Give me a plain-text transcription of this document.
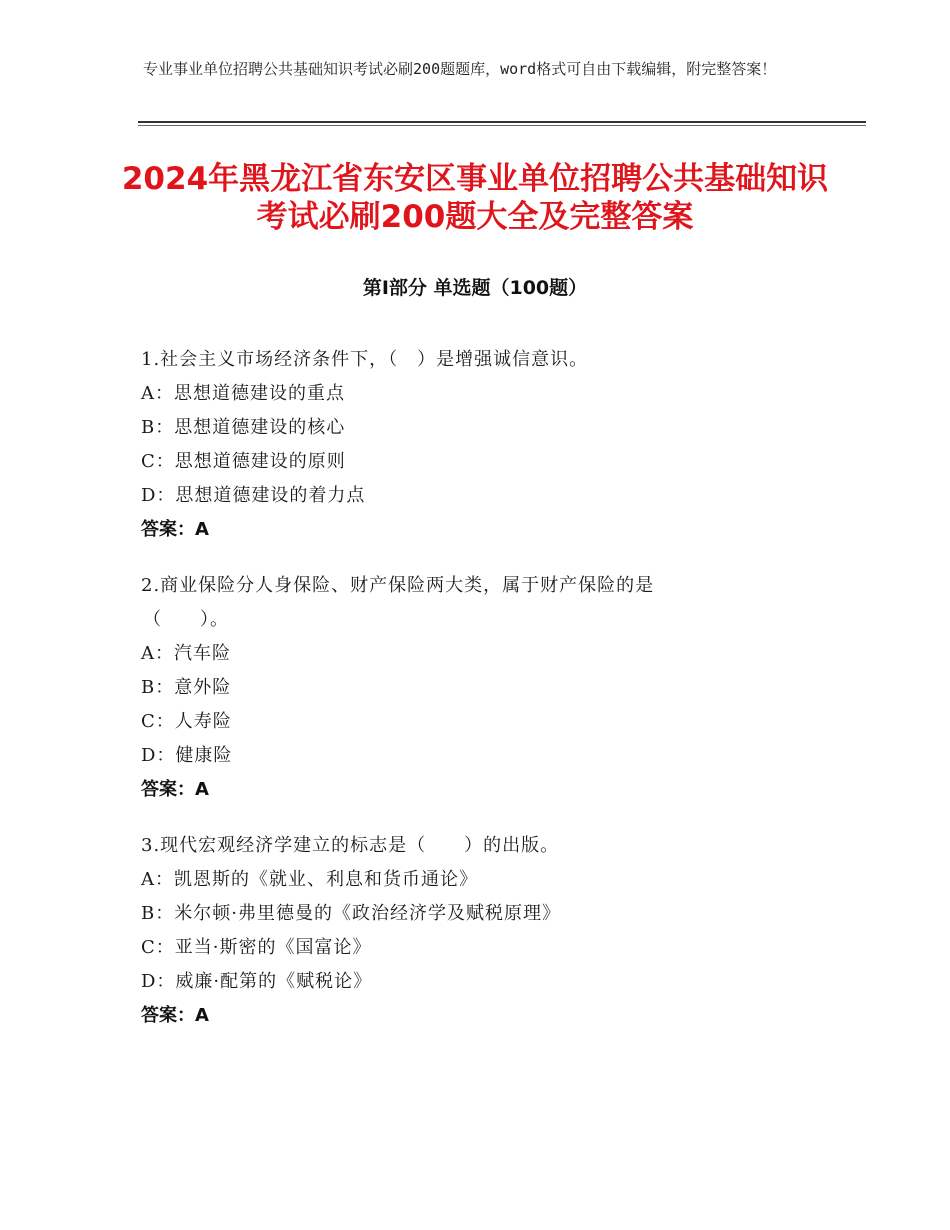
专业事业单位招聘公共基础知识考试必刷200题题库，word格式可自由下载编辑，附完整答案！
2024年黑龙江省东安区事业单位招聘公共基础知识考试必刷200题大全及完整答案
第Ⅰ部分 单选题（100题）
1.社会主义市场经济条件下，（　）是增强诚信意识。
A：思想道德建设的重点
B：思想道德建设的核心
C：思想道德建设的原则
D：思想道德建设的着力点
答案：A
2.商业保险分人身保险、财产保险两大类，属于财产保险的是
（　　）。
A：汽车险
B：意外险
C：人寿险
D：健康险
答案：A
3.现代宏观经济学建立的标志是（　　）的出版。
A：凯恩斯的《就业、利息和货币通论》
B：米尔顿·弗里德曼的《政治经济学及赋税原理》
C：亚当·斯密的《国富论》
D：威廉·配第的《赋税论》
答案：A
